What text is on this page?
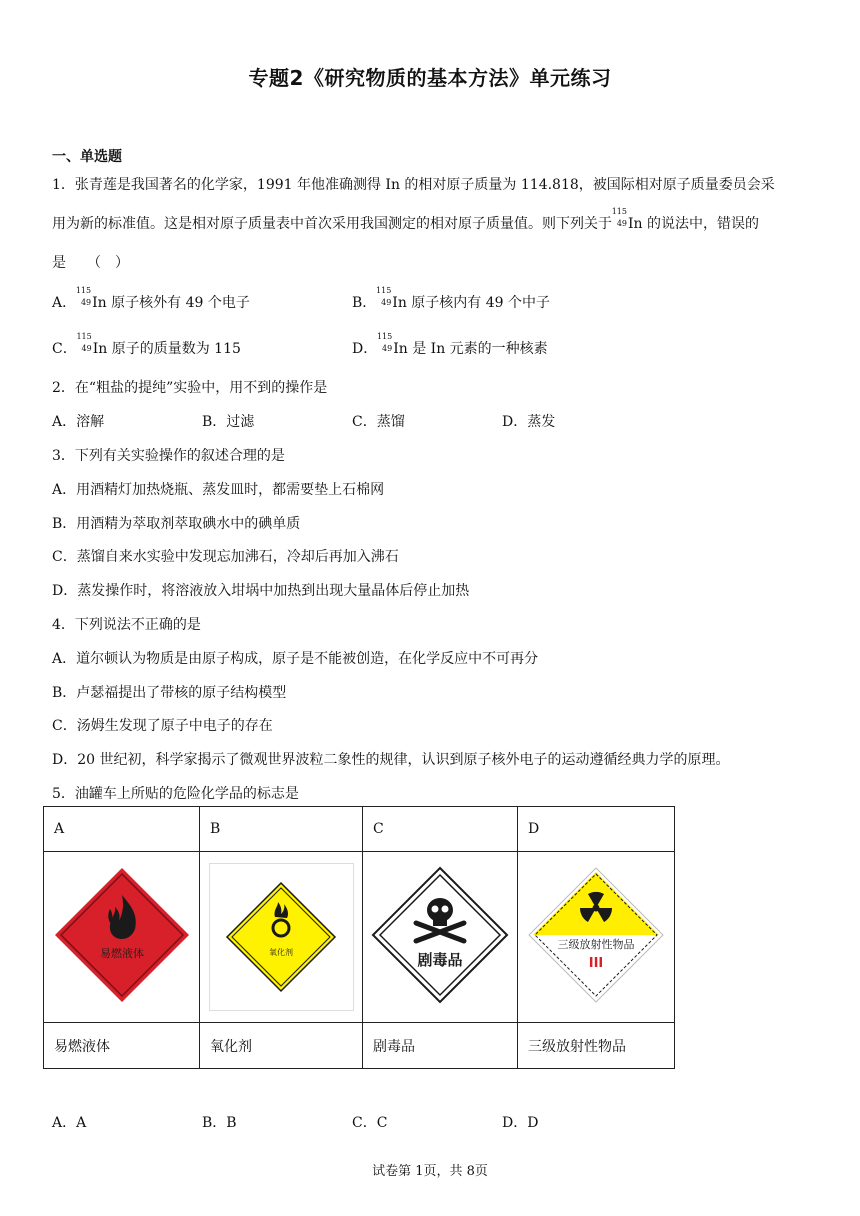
专题2《研究物质的基本方法》单元练习
一、单选题
1．张青莲是我国著名的化学家，1991 年他准确测得 In 的相对原子质量为 114.818，被国际相对原子质量委员会采
用为新的标准值。这是相对原子质量表中首次采用我国测定的相对原子质量值。则下列关于
115
49 In 的说法中，错误的
是　　（　）
A．
115
49 In 原子核外有 49 个电子	B．
115
49 In 原子核内有 49 个中子
C．
115
49 In 原子的质量数为 115	D．
115
49 In 是 In 元素的一种核素
2．在“粗盐的提纯”实验中，用不到的操作是
A．溶解	B．过滤	C．蒸馏	D．蒸发
3．下列有关实验操作的叙述合理的是
A．用酒精灯加热烧瓶、蒸发皿时，都需要垫上石棉网
B．用酒精为萃取剂萃取碘水中的碘单质
C．蒸馏自来水实验中发现忘加沸石，冷却后再加入沸石
D．蒸发操作时，将溶液放入坩埚中加热到出现大量晶体后停止加热
4．下列说法不正确的是
A．道尔顿认为物质是由原子构成，原子是不能被创造，在化学反应中不可再分
B．卢瑟福提出了带核的原子结构模型
C．汤姆生发现了原子中电子的存在
D．20 世纪初，科学家揭示了微观世界波粒二象性的规律，认识到原子核外电子的运动遵循经典力学的原理。
5．油罐车上所贴的危险化学品的标志是
A	B	C	D

易燃液体	氧化剂	剧毒品	三级放射性物品
III

易燃液体	氧化剂	剧毒品	三级放射性物品
A．A	B．B	C．C	D．D
试卷第 1页，共 8页
